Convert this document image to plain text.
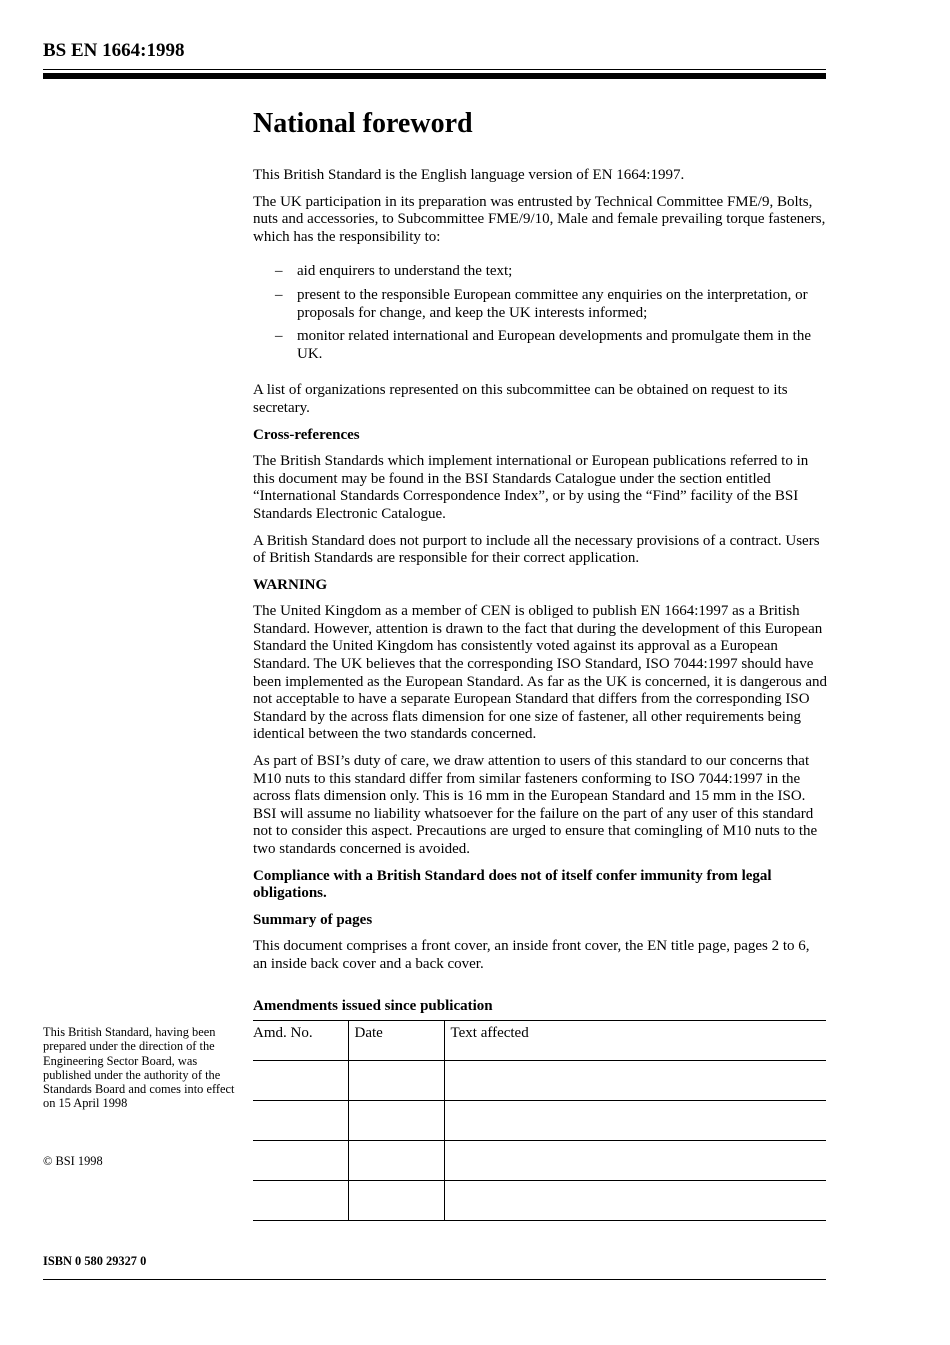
BS EN 1664:1998
National foreword

This British Standard is the English language version of EN 1664:1997.

The UK participation in its preparation was entrusted by Technical Committee FME/9, Bolts, nuts and accessories, to Subcommittee FME/9/10, Male and female prevailing torque fasteners, which has the responsibility to:

– aid enquirers to understand the text;
– present to the responsible European committee any enquiries on the interpretation, or proposals for change, and keep the UK interests informed;
– monitor related international and European developments and promulgate them in the UK.

A list of organizations represented on this subcommittee can be obtained on request to its secretary.

Cross-references

The British Standards which implement international or European publications referred to in this document may be found in the BSI Standards Catalogue under the section entitled “International Standards Correspondence Index”, or by using the “Find” facility of the BSI Standards Electronic Catalogue.

A British Standard does not purport to include all the necessary provisions of a contract. Users of British Standards are responsible for their correct application.

WARNING

The United Kingdom as a member of CEN is obliged to publish EN 1664:1997 as a British Standard. However, attention is drawn to the fact that during the development of this European Standard the United Kingdom has consistently voted against its approval as a European Standard. The UK believes that the corresponding ISO Standard, ISO 7044:1997 should have been implemented as the European Standard. As far as the UK is concerned, it is dangerous and not acceptable to have a separate European Standard that differs from the corresponding ISO Standard by the across flats dimension for one size of fastener, all other requirements being identical between the two standards concerned.

As part of BSI’s duty of care, we draw attention to users of this standard to our concerns that M10 nuts to this standard differ from similar fasteners conforming to ISO 7044:1997 in the across flats dimension only. This is 16 mm in the European Standard and 15 mm in the ISO. BSI will assume no liability whatsoever for the failure on the part of any user of this standard not to consider this aspect. Precautions are urged to ensure that comingling of M10 nuts to the two standards concerned is avoided.

Compliance with a British Standard does not of itself confer immunity from legal obligations.

Summary of pages

This document comprises a front cover, an inside front cover, the EN title page, pages 2 to 6, an inside back cover and a back cover.

Amendments issued since publication
Amd. No.	Date	Text affected

This British Standard, having been prepared under the direction of the Engineering Sector Board, was published under the authority of the Standards Board and comes into effect on 15 April 1998
© BSI 1998
ISBN 0 580 29327 0
